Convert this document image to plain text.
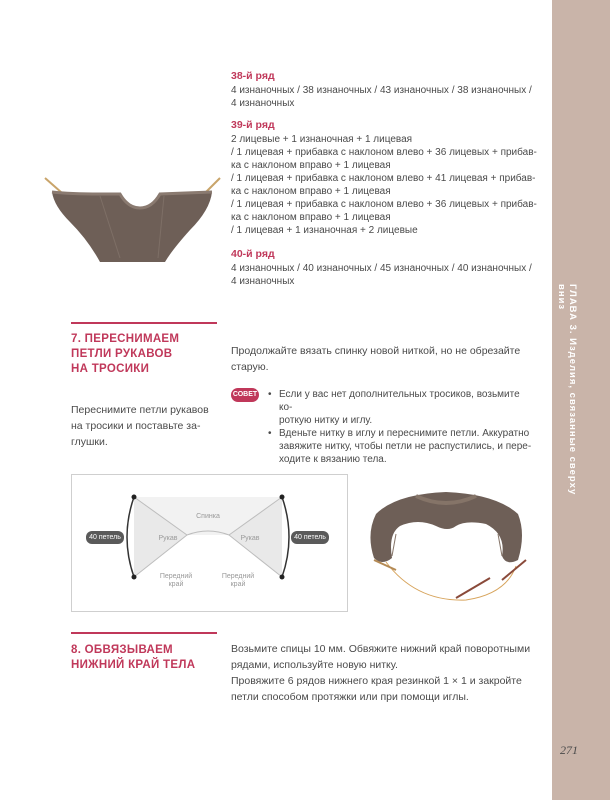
ГЛАВА 3. Изделия, связанные сверху вниз
271
38-й ряд
4 изнаночных / 38 изнаночных / 43 изнаночных / 38 изнаночных /
4 изнаночных
39-й ряд
2 лицевые + 1 изнаночная + 1 лицевая
/ 1 лицевая + прибавка с наклоном влево + 36 лицевых + прибав-
ка с наклоном вправо + 1 лицевая
/ 1 лицевая + прибавка с наклоном влево + 41 лицевая + прибав-
ка с наклоном вправо + 1 лицевая
/ 1 лицевая + прибавка с наклоном влево + 36 лицевых + прибав-
ка с наклоном вправо + 1 лицевая
/ 1 лицевая + 1 изнаночная + 2 лицевые
40-й ряд
4 изнаночных / 40 изнаночных / 45 изнаночных / 40 изнаночных /
4 изнаночных
7. ПЕРЕСНИМАЕМ
ПЕТЛИ РУКАВОВ
НА ТРОСИКИ
Переснимите петли рукавов
на тросики и поставьте за-
глушки.
Продолжайте вязать спинку новой ниткой, но не обрезайте
старую.
СОВЕТ
• Если у вас нет дополнительных тросиков, возьмите ко-
роткую нитку и иглу.
• Вденьте нитку в иглу и переснимите петли. Аккуратно
завяжите нитку, чтобы петли не распустились, и пере-
ходите к вязанию тела.
40 петель	40 петель
Спинка
Рукав	Рукав
Передний
край
Передний
край
8. ОБВЯЗЫВАЕМ
НИЖНИЙ КРАЙ ТЕЛА
Возьмите спицы 10 мм. Обвяжите нижний край поворотными
рядами, используйте новую нитку.
Провяжите 6 рядов нижнего края резинкой 1 × 1 и закройте
петли способом протяжки или при помощи иглы.
